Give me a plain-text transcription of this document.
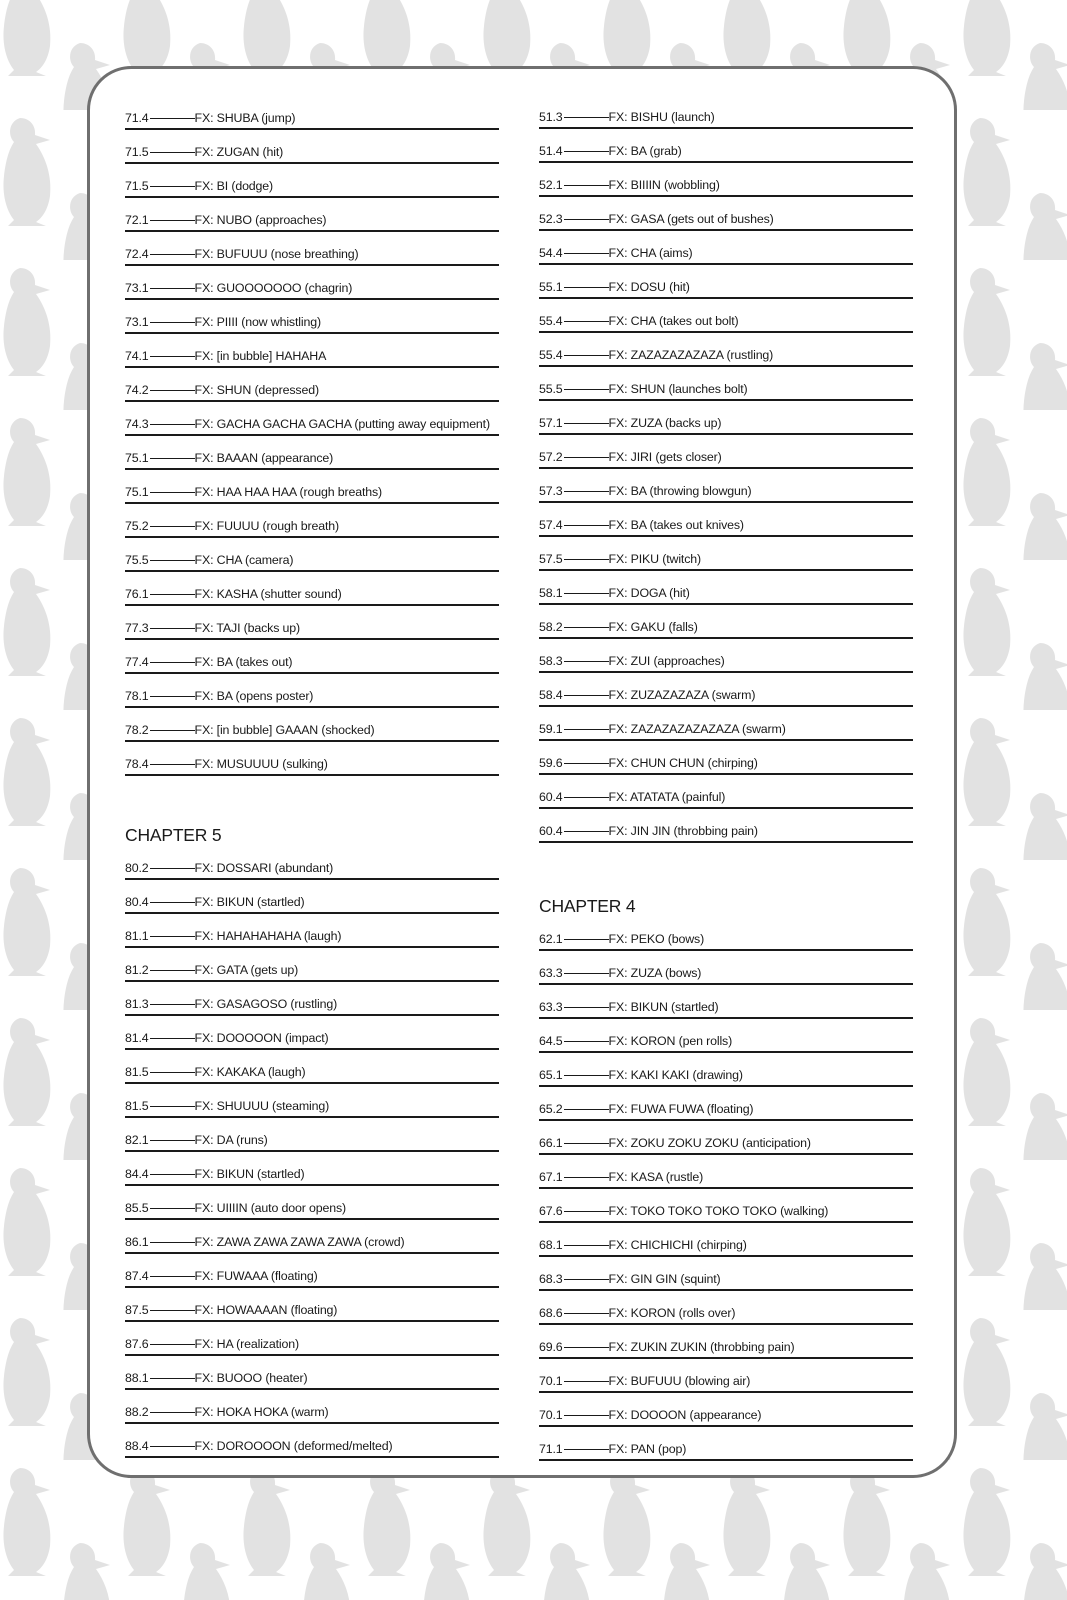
71.4	FX: SHUBA (jump)
71.5	FX: ZUGAN (hit)
71.5	FX: BI (dodge)
72.1	FX: NUBO (approaches)
72.4	FX: BUFUUU (nose breathing)
73.1	FX: GUOOOOOOO (chagrin)
73.1	FX: PIIII (now whistling)
74.1	FX: [in bubble] HAHAHA
74.2	FX: SHUN (depressed)
74.3	FX: GACHA GACHA GACHA (putting away equipment)
75.1	FX: BAAAN (appearance)
75.1	FX: HAA HAA HAA (rough breaths)
75.2	FX: FUUUU (rough breath)
75.5	FX: CHA (camera)
76.1	FX: KASHA (shutter sound)
77.3	FX: TAJI (backs up)
77.4	FX: BA (takes out)
78.1	FX: BA (opens poster)
78.2	FX: [in bubble] GAAAN (shocked)
78.4	FX: MUSUUUU (sulking)
CHAPTER 5
80.2	FX: DOSSARI (abundant)
80.4	FX: BIKUN (startled)
81.1	FX: HAHAHAHAHA (laugh)
81.2	FX: GATA (gets up)
81.3	FX: GASAGOSO (rustling)
81.4	FX: DOOOOON (impact)
81.5	FX: KAKAKA (laugh)
81.5	FX: SHUUUU (steaming)
82.1	FX: DA (runs)
84.4	FX: BIKUN (startled)
85.5	FX: UIIIIN (auto door opens)
86.1	FX: ZAWA ZAWA ZAWA ZAWA (crowd)
87.4	FX: FUWAAA (floating)
87.5	FX: HOWAAAAN (floating)
87.6	FX: HA (realization)
88.1	FX: BUOOO (heater)
88.2	FX: HOKA HOKA (warm)
88.4	FX: DOROOOON (deformed/melted)
51.3	FX: BISHU (launch)
51.4	FX: BA (grab)
52.1	FX: BIIIIN (wobbling)
52.3	FX: GASA (gets out of bushes)
54.4	FX: CHA (aims)
55.1	FX: DOSU (hit)
55.4	FX: CHA (takes out bolt)
55.4	FX: ZAZAZAZAZAZA (rustling)
55.5	FX: SHUN (launches bolt)
57.1	FX: ZUZA (backs up)
57.2	FX: JIRI (gets closer)
57.3	FX: BA (throwing blowgun)
57.4	FX: BA (takes out knives)
57.5	FX: PIKU (twitch)
58.1	FX: DOGA (hit)
58.2	FX: GAKU (falls)
58.3	FX: ZUI (approaches)
58.4	FX: ZUZAZAZAZA (swarm)
59.1	FX: ZAZAZAZAZAZAZA (swarm)
59.6	FX: CHUN CHUN (chirping)
60.4	FX: ATATATA (painful)
60.4	FX: JIN JIN (throbbing pain)
CHAPTER 4
62.1	FX: PEKO (bows)
63.3	FX: ZUZA (bows)
63.3	FX: BIKUN (startled)
64.5	FX: KORON (pen rolls)
65.1	FX: KAKI KAKI (drawing)
65.2	FX: FUWA FUWA (floating)
66.1	FX: ZOKU ZOKU ZOKU (anticipation)
67.1	FX: KASA (rustle)
67.6	FX: TOKO TOKO TOKO TOKO (walking)
68.1	FX: CHICHICHI (chirping)
68.3	FX: GIN GIN (squint)
68.6	FX: KORON (rolls over)
69.6	FX: ZUKIN ZUKIN (throbbing pain)
70.1	FX: BUFUUU (blowing air)
70.1	FX: DOOOON (appearance)
71.1	FX: PAN (pop)
